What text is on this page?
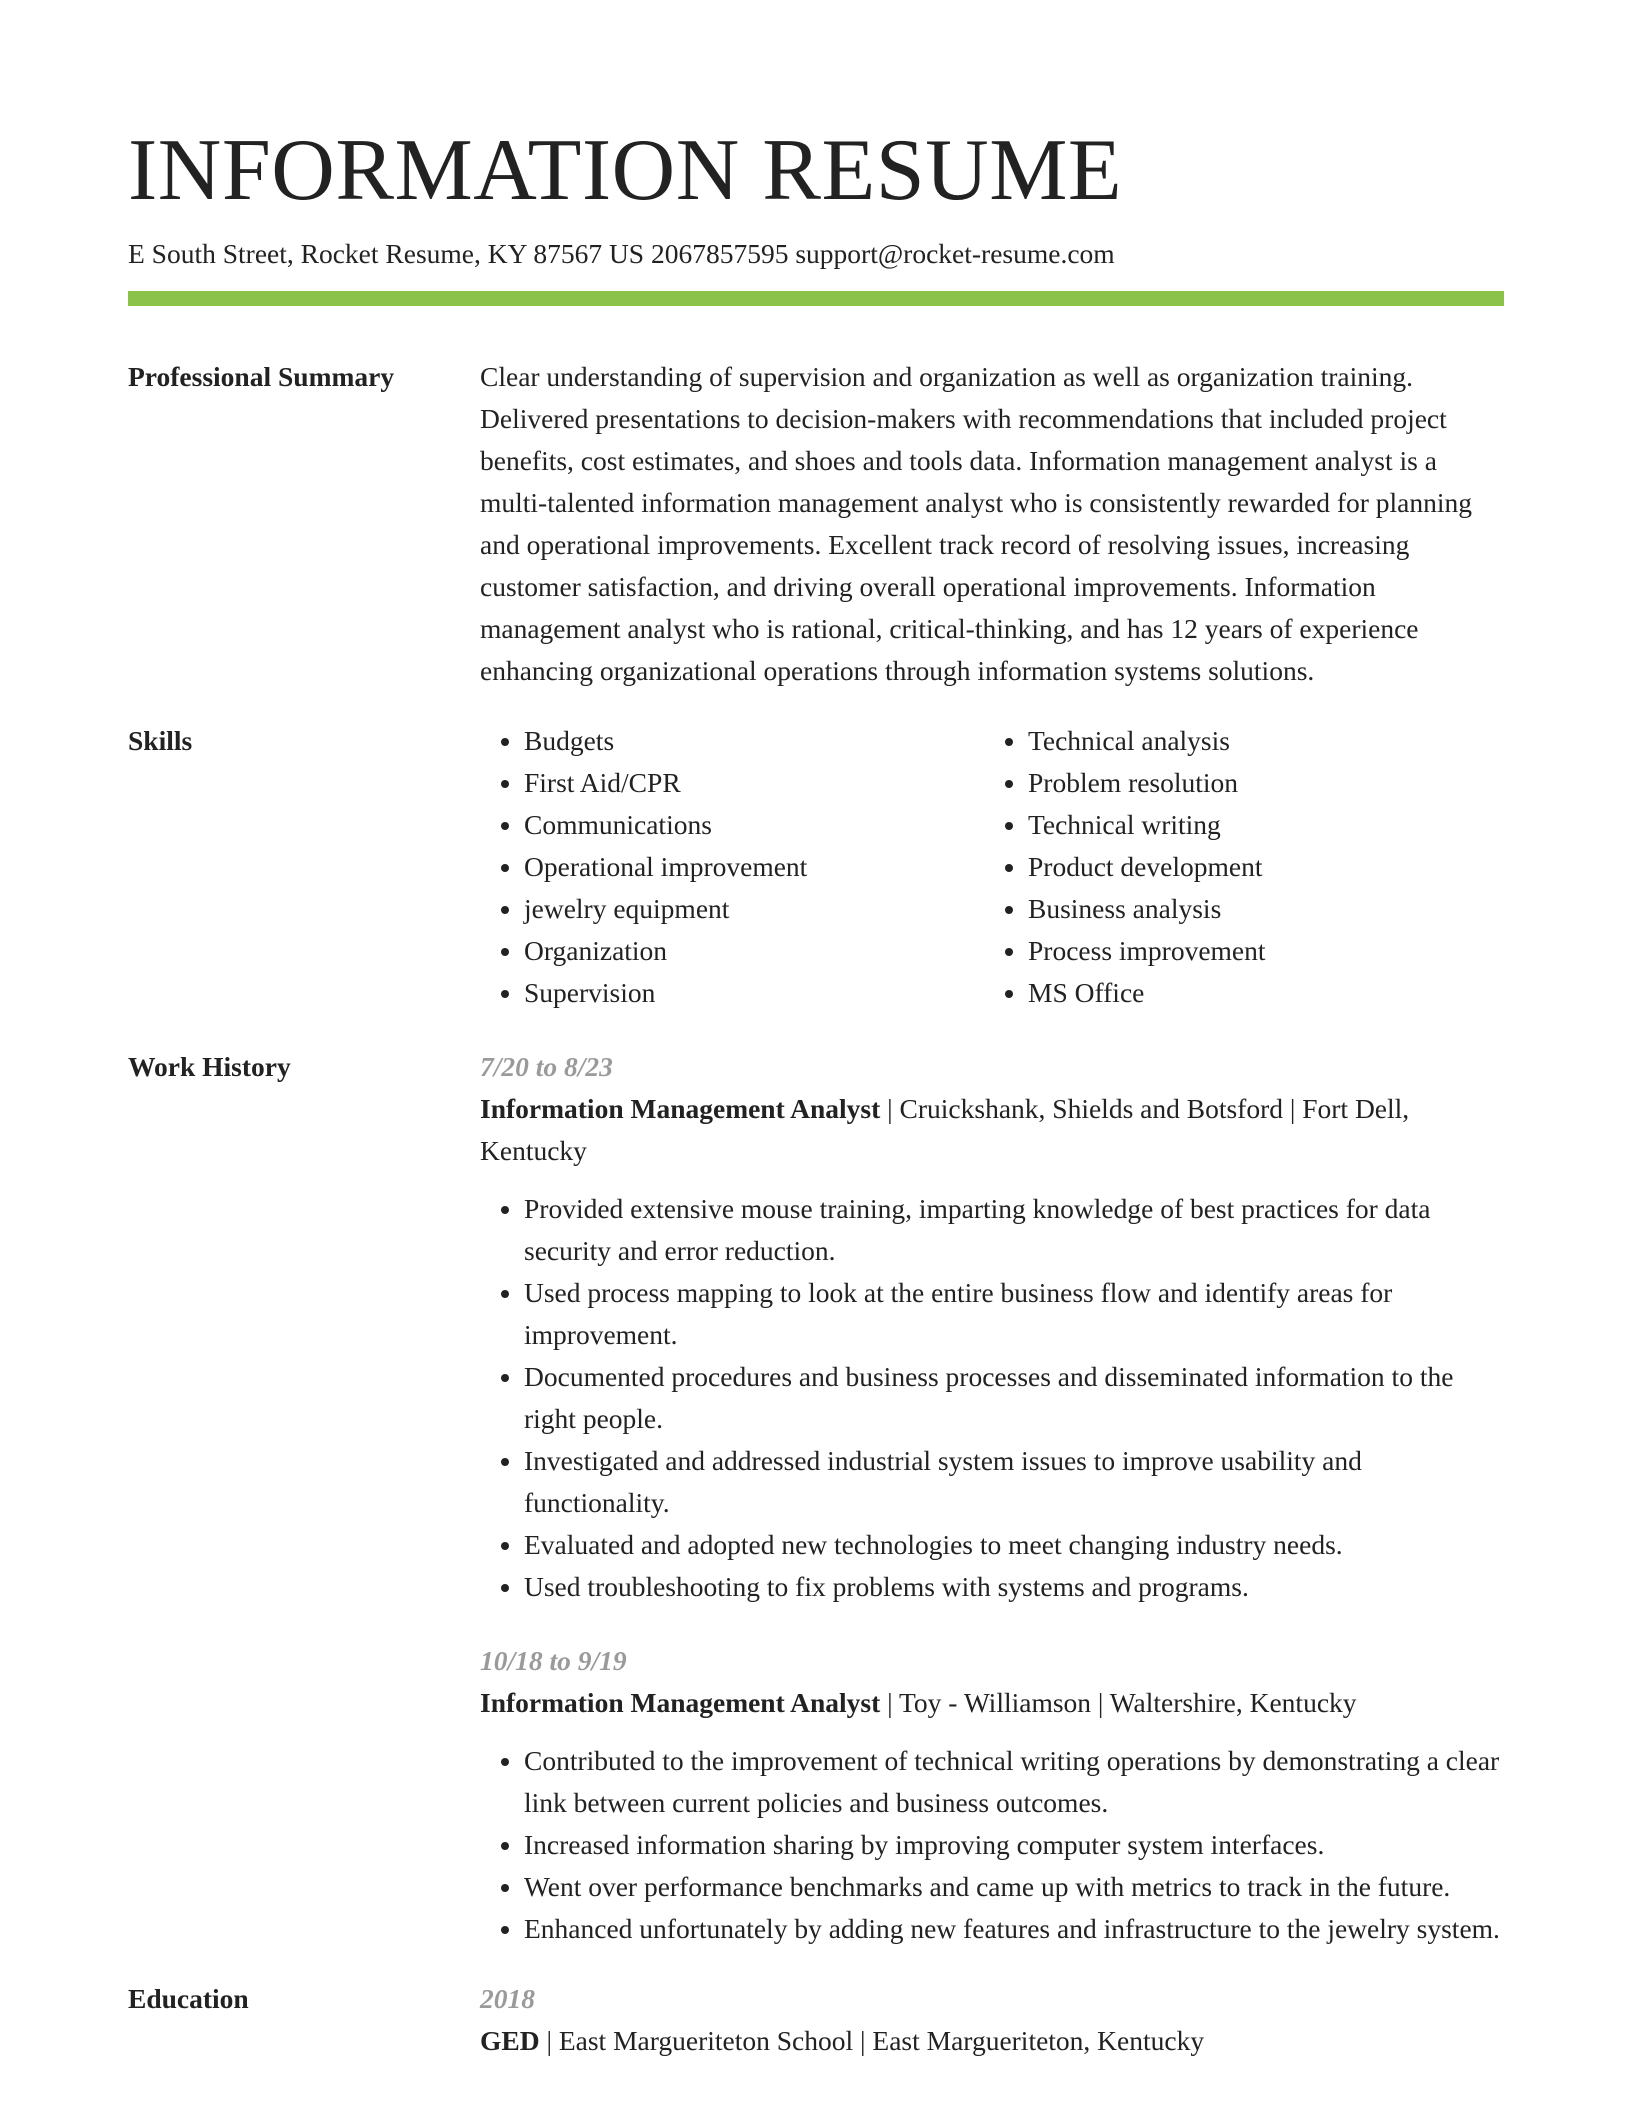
INFORMATION RESUME
E South Street, Rocket Resume, KY 87567 US 2067857595 support@rocket-resume.com
Professional Summary	Clear understanding of supervision and organization as well as organization training. Delivered presentations to decision-makers with recommendations that included project benefits, cost estimates, and shoes and tools data. Information management analyst is a multi-talented information management analyst who is consistently rewarded for planning and operational improvements. Excellent track record of resolving issues, increasing customer satisfaction, and driving overall operational improvements. Information management analyst who is rational, critical-thinking, and has 12 years of experience enhancing organizational operations through information systems solutions.
Skills
•	Budgets
• First Aid/CPR
• Communications
• Operational improvement
• jewelry equipment
• Organization
• Supervision
• Technical analysis
• Problem resolution
• Technical writing
• Product development
• Business analysis
• Process improvement
• MS Office
Work History	7/20 to 8/23
Information Management Analyst | Cruickshank, Shields and Botsford | Fort Dell, Kentucky
• Provided extensive mouse training, imparting knowledge of best practices for data security and error reduction.
• Used process mapping to look at the entire business flow and identify areas for improvement.
• Documented procedures and business processes and disseminated information to the right people.
• Investigated and addressed industrial system issues to improve usability and functionality.
• Evaluated and adopted new technologies to meet changing industry needs.
• Used troubleshooting to fix problems with systems and programs.
10/18 to 9/19
Information Management Analyst | Toy - Williamson | Waltershire, Kentucky
• Contributed to the improvement of technical writing operations by demonstrating a clear link between current policies and business outcomes.
• Increased information sharing by improving computer system interfaces.
• Went over performance benchmarks and came up with metrics to track in the future.
• Enhanced unfortunately by adding new features and infrastructure to the jewelry system.
Education	2018
GED | East Margueriteton School | East Margueriteton, Kentucky
